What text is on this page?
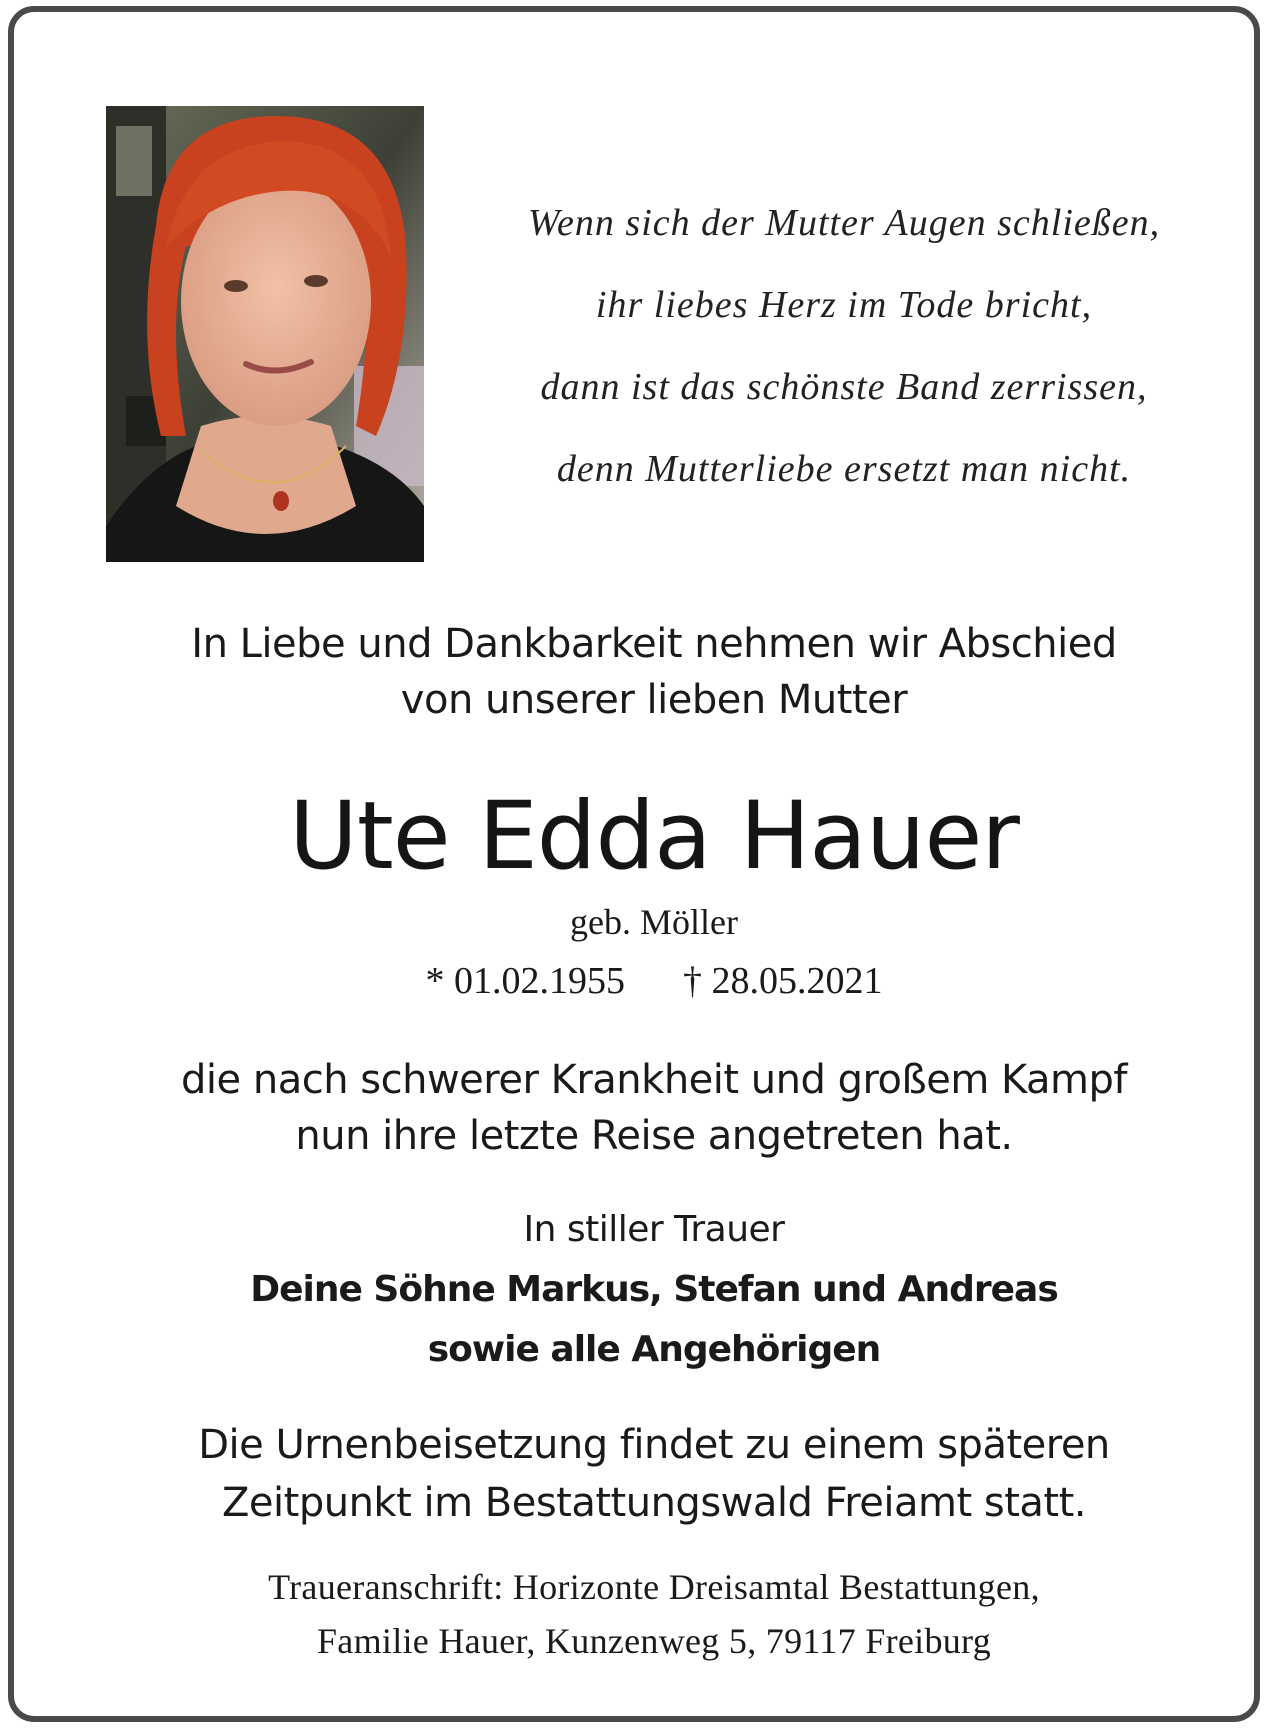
Wenn sich der Mutter Augen schließen,
ihr liebes Herz im Tode bricht,
dann ist das schönste Band zerrissen,
denn Mutterliebe ersetzt man nicht.
In Liebe und Dankbarkeit nehmen wir Abschied
von unserer lieben Mutter
Ute Edda Hauer
geb. Möller
* 01.02.1955 † 28.05.2021
die nach schwerer Krankheit und großem Kampf
nun ihre letzte Reise angetreten hat.
In stiller Trauer
Deine Söhne Markus, Stefan und Andreas
sowie alle Angehörigen
Die Urnenbeisetzung findet zu einem späteren
Zeitpunkt im Bestattungswald Freiamt statt.
Traueranschrift: Horizonte Dreisamtal Bestattungen,
Familie Hauer, Kunzenweg 5, 79117 Freiburg
